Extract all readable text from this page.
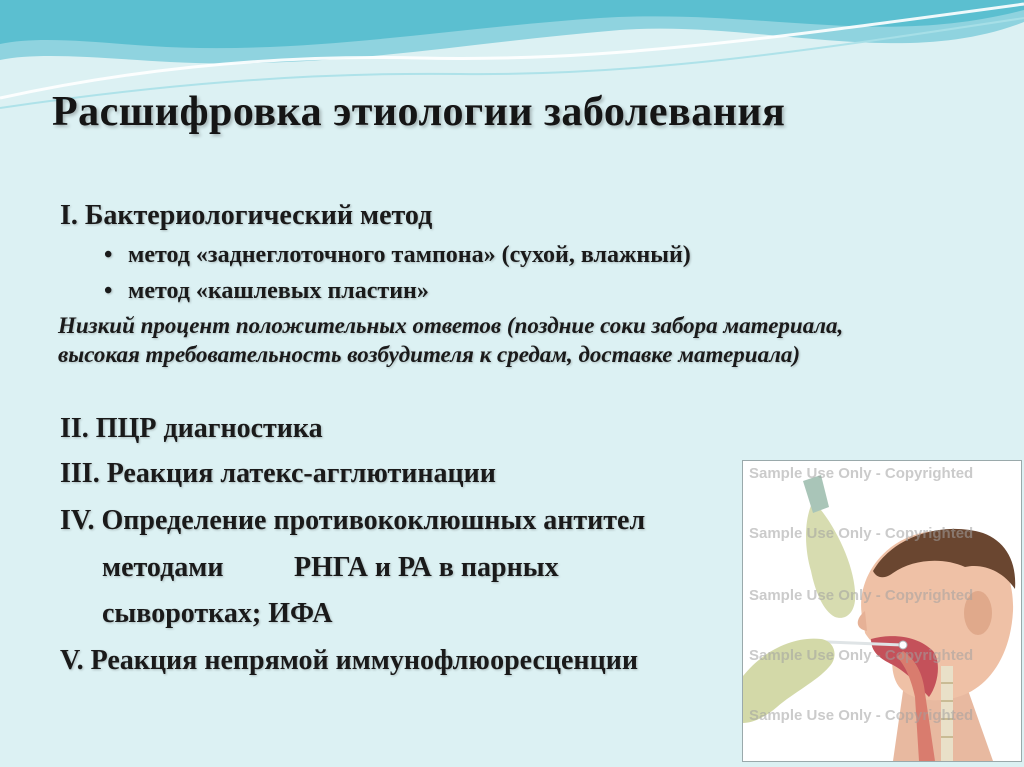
Расшифровка этиологии заболевания

I. Бактериологический метод

• метод «заднеглоточного тампона» (сухой, влажный)

• метод «кашлевых пластин»

Низкий процент положительных ответов (поздние соки забора материала, высокая требовательность возбудителя к средам, доставке материала)

II. ПЦР диагностика

III. Реакция латекс-агглютинации

IV. Определение противококлюшных антител

методами	РНГА и РА в парных

сыворотках; ИФА

V. Реакция непрямой иммунофлюоресценции

Sample Use Only - Copyrighted
Sample Use Only - Copyrighted
Sample Use Only - Copyrighted
Sample Use Only - Copyrighted
Sample Use Only - Copyrighted
